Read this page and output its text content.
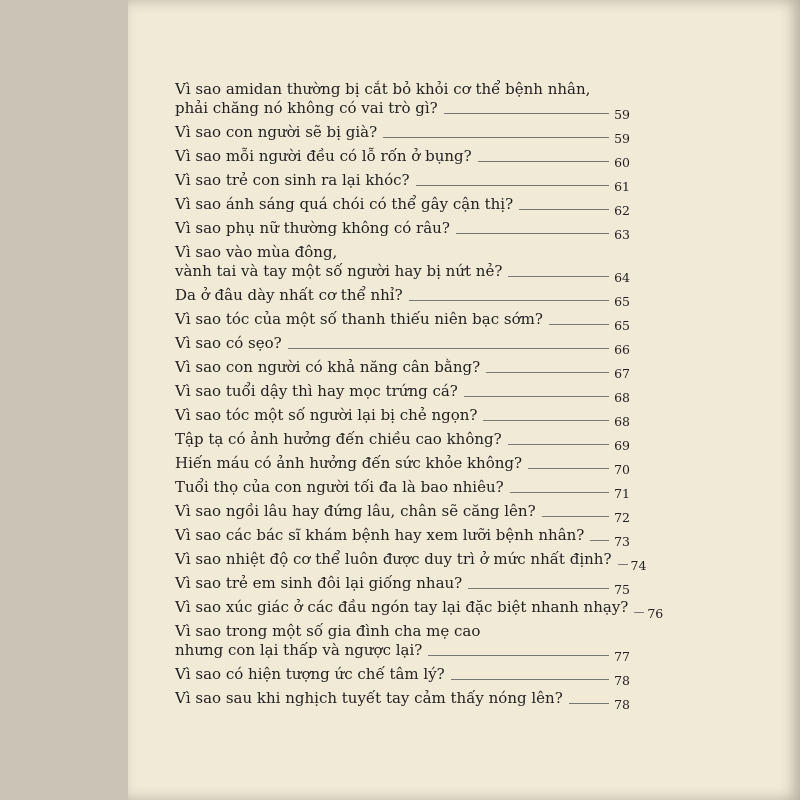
Vì sao amidan thường bị cắt bỏ khỏi cơ thể bệnh nhân,
phải chăng nó không có vai trò gì?	59
Vì sao con người sẽ bị già?	59
Vì sao mỗi người đều có lỗ rốn ở bụng?	60
Vì sao trẻ con sinh ra lại khóc?	61
Vì sao ánh sáng quá chói có thể gây cận thị?	62
Vì sao phụ nữ thường không có râu?	63
Vì sao vào mùa đông,
vành tai và tay một số người hay bị nứt nẻ?	64
Da ở đâu dày nhất cơ thể nhỉ?	65
Vì sao tóc của một số thanh thiếu niên bạc sớm?	65
Vì sao có sẹo?	66
Vì sao con người có khả năng cân bằng?	67
Vì sao tuổi dậy thì hay mọc trứng cá?	68
Vì sao tóc một số người lại bị chẻ ngọn?	68
Tập tạ có ảnh hưởng đến chiều cao không?	69
Hiến máu có ảnh hưởng đến sức khỏe không?	70
Tuổi thọ của con người tối đa là bao nhiêu?	71
Vì sao ngồi lâu hay đứng lâu, chân sẽ căng lên?	72
Vì sao các bác sĩ khám bệnh hay xem lưỡi bệnh nhân? 73
Vì sao nhiệt độ cơ thể luôn được duy trì ở mức nhất định? 74
Vì sao trẻ em sinh đôi lại giống nhau?	75
Vì sao xúc giác ở các đầu ngón tay lại đặc biệt nhanh nhạy? 76
Vì sao trong một số gia đình cha mẹ cao
nhưng con lại thấp và ngược lại?	77
Vì sao có hiện tượng ức chế tâm lý?	78
Vì sao sau khi nghịch tuyết tay cảm thấy nóng lên?	78
